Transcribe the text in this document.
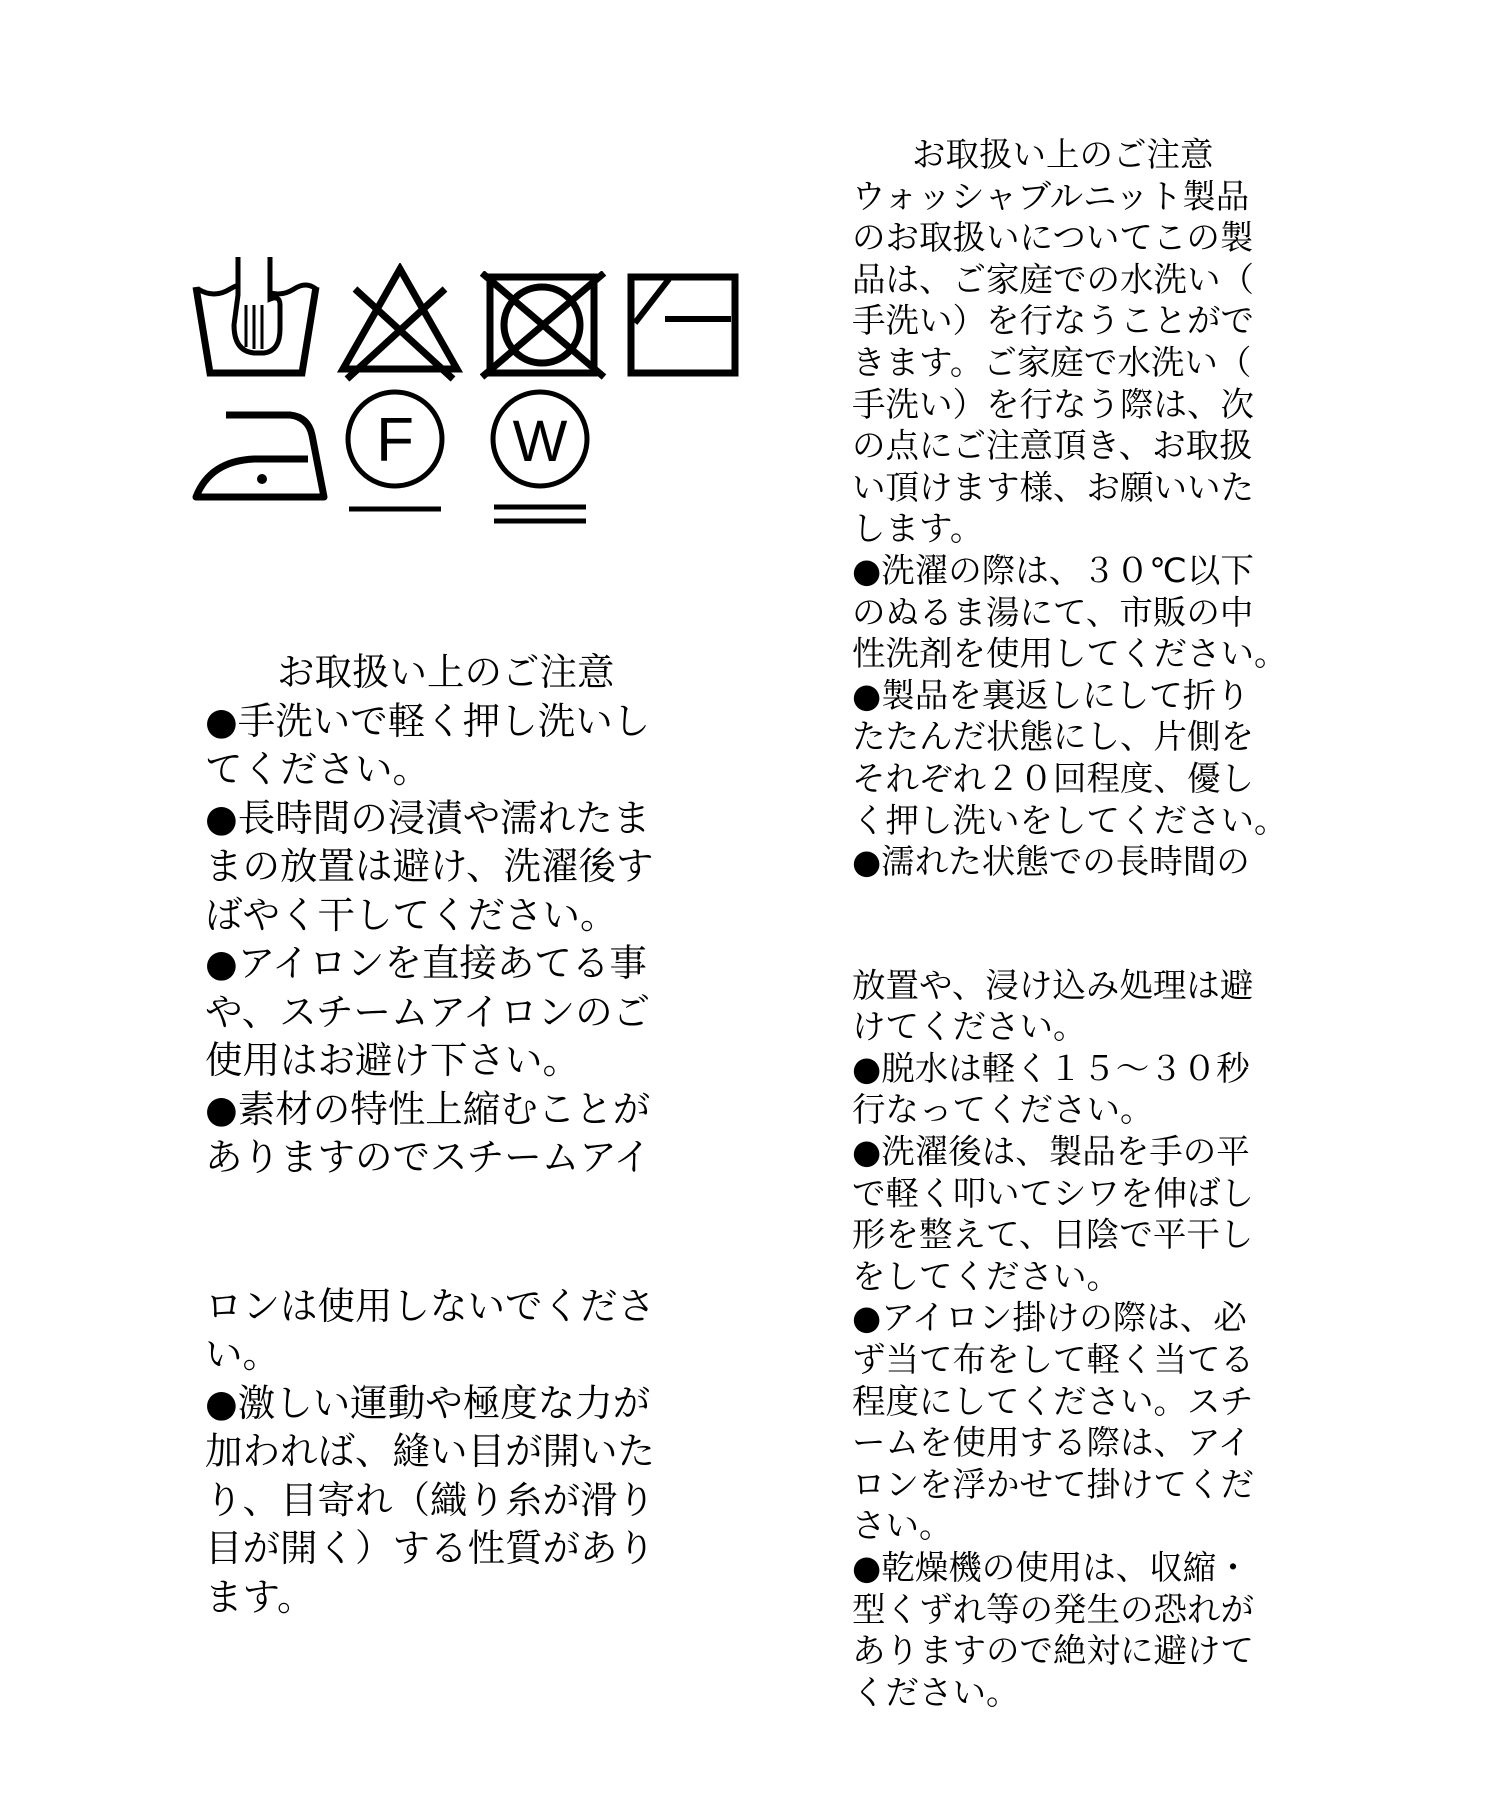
F W
お取扱い上のご注意
●手洗いで軽く押し洗いし
てください。
●長時間の浸漬や濡れたま
まの放置は避け、洗濯後す
ばやく干してください。
●アイロンを直接あてる事
や、スチームアイロンのご
使用はお避け下さい。
●素材の特性上縮むことが
ありますのでスチームアイ
ロンは使用しないでくださ
い。
●激しい運動や極度な力が
加われば、縫い目が開いた
り、目寄れ（織り糸が滑り
目が開く）する性質があり
ます。
お取扱い上のご注意
ウォッシャブルニット製品
のお取扱いについてこの製
品は、ご家庭での水洗い（
手洗い）を行なうことがで
きます。ご家庭で水洗い（
手洗い）を行なう際は、次
の点にご注意頂き、お取扱
い頂けます様、お願いいた
します。
●洗濯の際は、３０℃以下
のぬるま湯にて、市販の中
性洗剤を使用してください。
●製品を裏返しにして折り
たたんだ状態にし、片側を
それぞれ２０回程度、優し
く押し洗いをしてください。
●濡れた状態での長時間の
放置や、浸け込み処理は避
けてください。
●脱水は軽く１５～３０秒
行なってください。
●洗濯後は、製品を手の平
で軽く叩いてシワを伸ばし
形を整えて、日陰で平干し
をしてください。
●アイロン掛けの際は、必
ず当て布をして軽く当てる
程度にしてください。スチ
ームを使用する際は、アイ
ロンを浮かせて掛けてくだ
さい。
●乾燥機の使用は、収縮・
型くずれ等の発生の恐れが
ありますので絶対に避けて
ください。
